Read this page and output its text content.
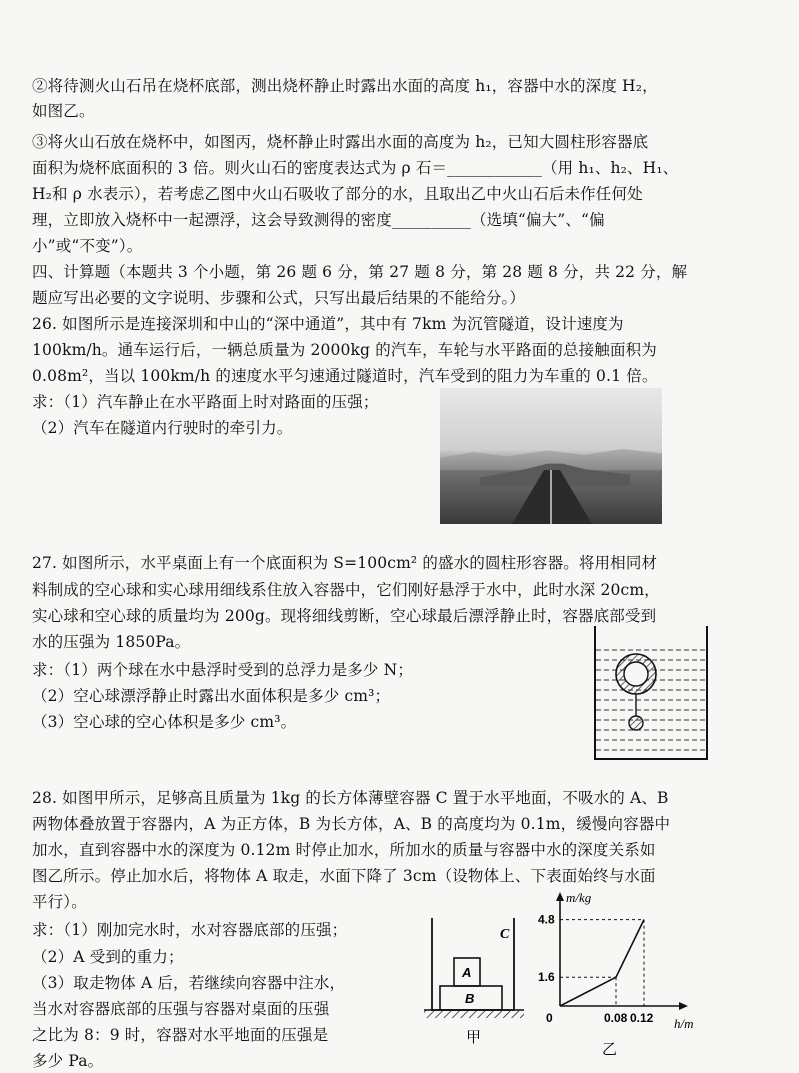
②将待测火山石吊在烧杯底部，测出烧杯静止时露出水面的高度 h₁，容器中水的深度 H₂，
如图乙。
③将火山石放在烧杯中，如图丙，烧杯静止时露出水面的高度为 h₂，已知大圆柱形容器底
面积为烧杯底面积的 3 倍。则火山石的密度表达式为 ρ 石＝____________（用 h₁、h₂、H₁、
H₂和 ρ 水表示），若考虑乙图中火山石吸收了部分的水，且取出乙中火山石后未作任何处
理，立即放入烧杯中一起漂浮，这会导致测得的密度__________（选填“偏大”、“偏
小”或“不变”）。
四、计算题（本题共 3 个小题，第 26 题 6 分，第 27 题 8 分，第 28 题 8 分，共 22 分，解
题应写出必要的文字说明、步骤和公式，只写出最后结果的不能给分。）
26. 如图所示是连接深圳和中山的“深中通道”，其中有 7km 为沉管隧道，设计速度为
100km/h。通车运行后，一辆总质量为 2000kg 的汽车，车轮与水平路面的总接触面积为
0.08m²，当以 100km/h 的速度水平匀速通过隧道时，汽车受到的阻力为车重的 0.1 倍。
求：（1）汽车静止在水平路面上时对路面的压强；
（2）汽车在隧道内行驶时的牵引力。
27. 如图所示，水平桌面上有一个底面积为 S=100cm² 的盛水的圆柱形容器。将用相同材
料制成的空心球和实心球用细线系住放入容器中，它们刚好悬浮于水中，此时水深 20cm，
实心球和空心球的质量均为 200g。现将细线剪断，空心球最后漂浮静止时，容器底部受到
水的压强为 1850Pa。
求：（1）两个球在水中悬浮时受到的总浮力是多少 N；
（2）空心球漂浮静止时露出水面体积是多少 cm³；
（3）空心球的空心体积是多少 cm³。
28. 如图甲所示，足够高且质量为 1kg 的长方体薄壁容器 C 置于水平地面，不吸水的 A、B
两物体叠放置于容器内，A 为正方体，B 为长方体，A、B 的高度均为 0.1m，缓慢向容器中
加水，直到容器中水的深度为 0.12m 时停止加水，所加水的质量与容器中水的深度关系如
图乙所示。停止加水后，将物体 A 取走，水面下降了 3cm（设物体上、下表面始终与水面
平行）。
求：（1）刚加完水时，水对容器底部的压强；
（2）A 受到的重力；
（3）取走物体 A 后，若继续向容器中注水，
当水对容器底部的压强与容器对桌面的压强
之比为 8：9 时，容器对水平地面的压强是
多少 Pa。
C
A
B
甲
m/kg
h/m
4.8
1.6
0	0.08 0.12
乙
